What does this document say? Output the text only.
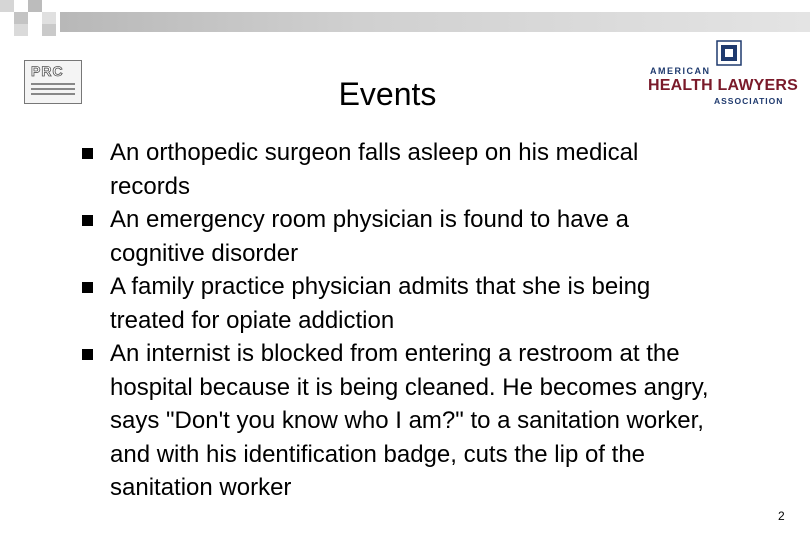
PRC	AMERICAN
HEALTH LAWYERS
ASSOCIATION
Events
An orthopedic surgeon falls asleep on his medical records
An emergency room physician is found to have a cognitive disorder
A family practice physician admits that she is being treated for opiate addiction
An internist is blocked from entering a restroom at the hospital because it is being cleaned. He becomes angry, says "Don't you know who I am?" to a sanitation worker, and with his identification badge, cuts the lip of the sanitation worker
2
